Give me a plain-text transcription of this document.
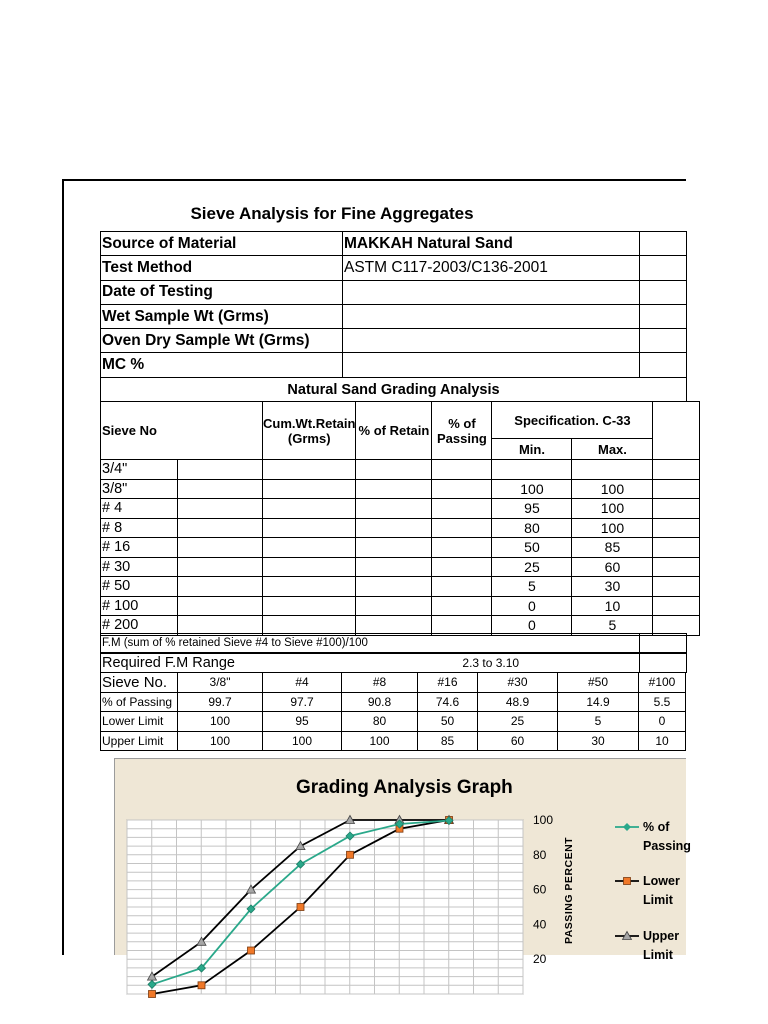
Sieve Analysis for Fine Aggregates
Source of Material	MAKKAH Natural Sand	
Test Method	ASTM C117-2003/C136-2001	
Date of Testing		
Wet Sample Wt (Grms)		
Oven Dry Sample Wt (Grms)		
MC %		
Natural Sand Grading Analysis
Sieve No		Cum.Wt.Retain (Grms)	% of Retain	% of Passing	Specification. C-33		
					Min.	Max.	
3/4"							
3/8"					100	100	
# 4					95	100	
# 8					80	100	
# 16					50	85	
# 30					25	60	
# 50					5	30	
# 100					0	10	
# 200					0	5	
F.M (sum of % retained Sieve #4 to Sieve #100)/100	
Required F.M Range	2.3 to 3.10	
Sieve No.	3/8"	#4	#8	#16	#30	#50	#100
% of Passing	99.7	97.7	90.8	74.6	48.9	14.9	5.5
Lower Limit	100	95	80	50	25	5	0
Upper Limit	100	100	100	85	60	30	10
Grading Analysis Graph
100
80
60
40
20
PASSING PERCENT
% of Passing
Lower Limit
Upper Limit
